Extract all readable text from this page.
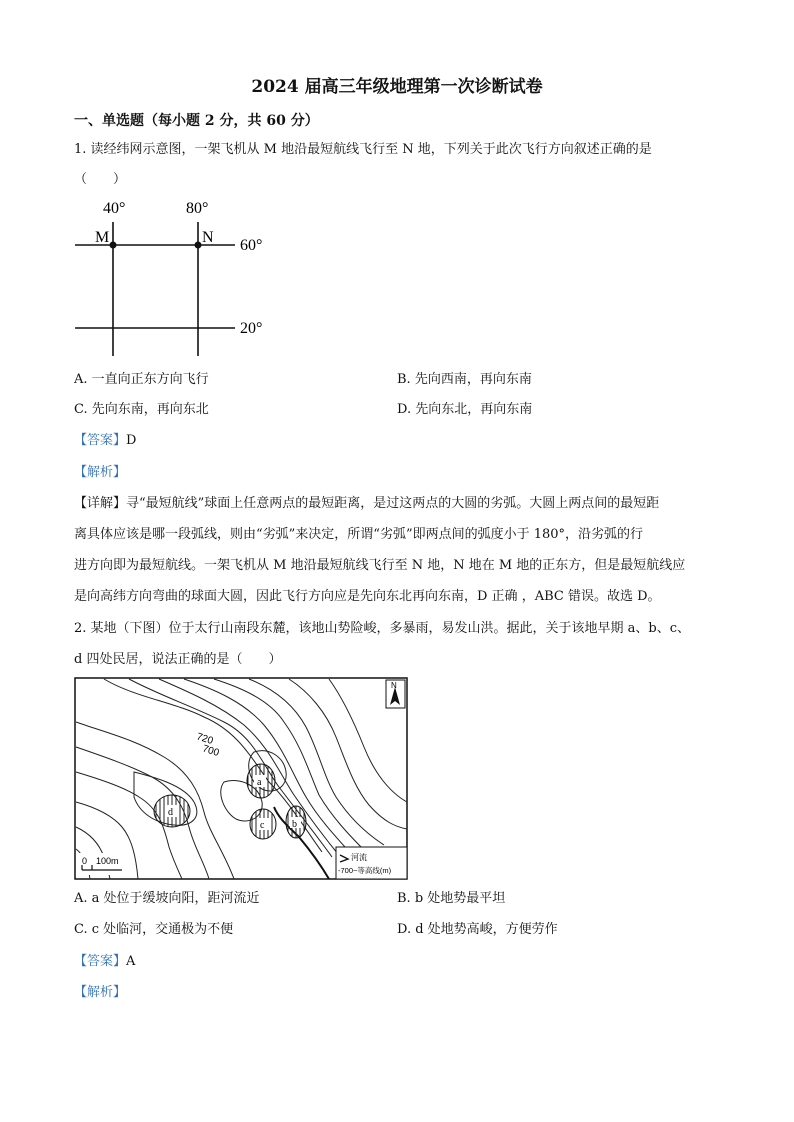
2024 届高三年级地理第一次诊断试卷
一、单选题（每小题 2 分，共 60 分）
1. 读经纬网示意图，一架飞机从 M 地沿最短航线飞行至 N 地，下列关于此次飞行方向叙述正确的是
（　　）
40°	80°
M	N 60°
20°
A. 一直向正东方向飞行	B. 先向西南，再向东南
C. 先向东南，再向东北	D. 先向东北，再向东南
【答案】D
【解析】
【详解】寻“最短航线”球面上任意两点的最短距离，是过这两点的大圆的劣弧。大圆上两点间的最短距
离具体应该是哪一段弧线，则由“劣弧”来决定，所谓“劣弧”即两点间的弧度小于 180°，沿劣弧的行
进方向即为最短航线。一架飞机从 M 地沿最短航线飞行至 N 地，N 地在 M 地的正东方，但是最短航线应
是向高纬方向弯曲的球面大圆，因此飞行方向应是先向东北再向东南，D 正确 ，ABC 错误。故选 D。
2. 某地（下图）位于太行山南段东麓，该地山势险峻，多暴雨，易发山洪。据此，关于该地早期 a、b、c、
d 四处民居，说法正确的是（　　）
a
b
c
d
720
700
N
0 100m	河流
-700~等高线(m)
A. a 处位于缓坡向阳，距河流近	B. b 处地势最平坦
C. c 处临河，交通极为不便	D. d 处地势高峻，方便劳作
【答案】A
【解析】
